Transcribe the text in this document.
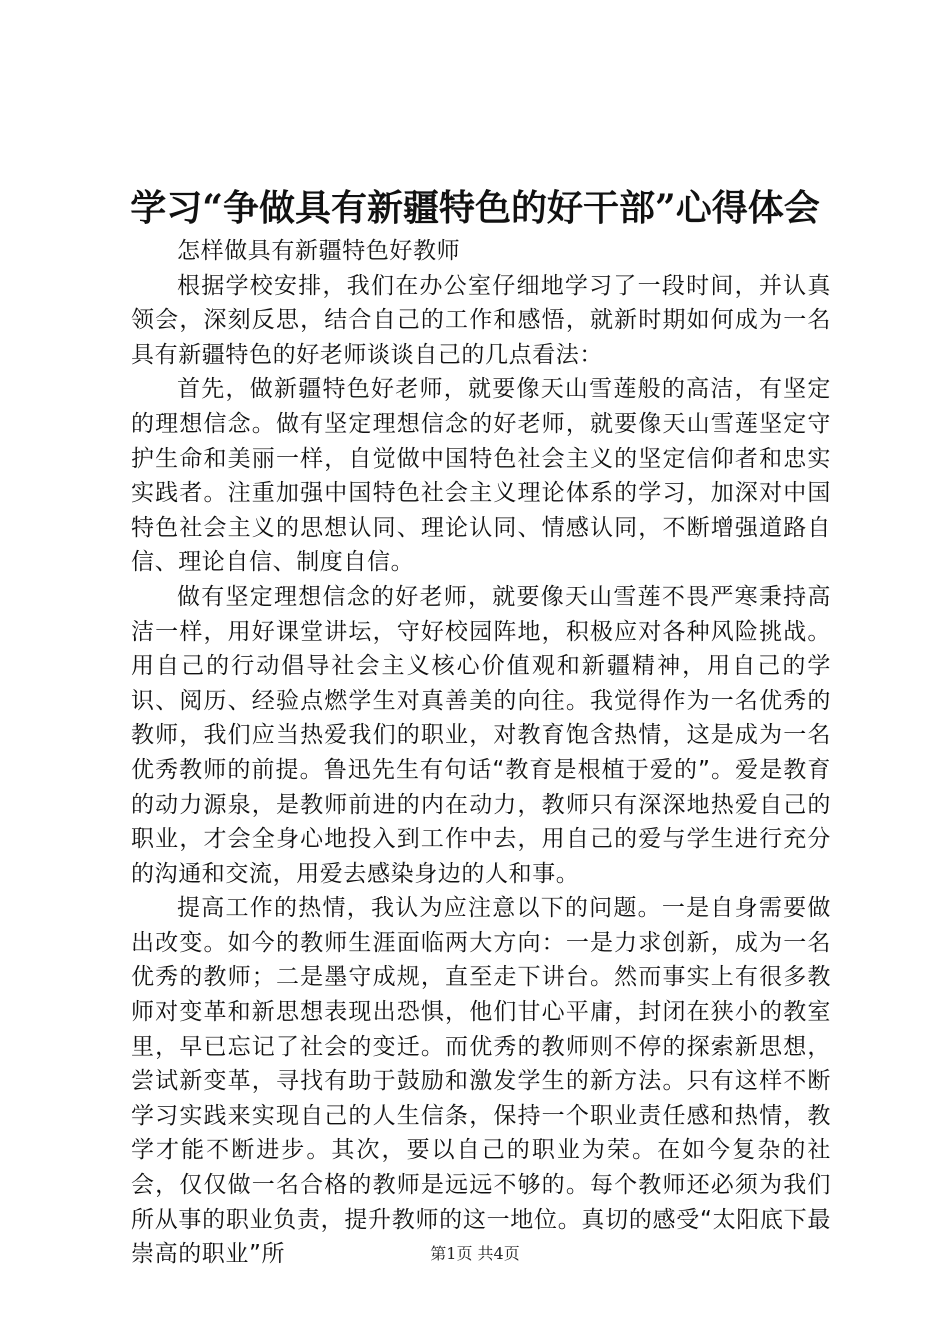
学习“争做具有新疆特色的好干部”心得体会

怎样做具有新疆特色好教师

根据学校安排，我们在办公室仔细地学习了一段时间，并认真领会，深刻反思，结合自己的工作和感悟，就新时期如何成为一名具有新疆特色的好老师谈谈自己的几点看法：

首先，做新疆特色好老师，就要像天山雪莲般的高洁，有坚定的理想信念。做有坚定理想信念的好老师，就要像天山雪莲坚定守护生命和美丽一样，自觉做中国特色社会主义的坚定信仰者和忠实实践者。注重加强中国特色社会主义理论体系的学习，加深对中国特色社会主义的思想认同、理论认同、情感认同，不断增强道路自信、理论自信、制度自信。

做有坚定理想信念的好老师，就要像天山雪莲不畏严寒秉持高洁一样，用好课堂讲坛，守好校园阵地，积极应对各种风险挑战。用自己的行动倡导社会主义核心价值观和新疆精神，用自己的学识、阅历、经验点燃学生对真善美的向往。我觉得作为一名优秀的教师，我们应当热爱我们的职业，对教育饱含热情，这是成为一名优秀教师的前提。鲁迅先生有句话“教育是根植于爱的”。爱是教育的动力源泉，是教师前进的内在动力，教师只有深深地热爱自己的职业，才会全身心地投入到工作中去，用自己的爱与学生进行充分的沟通和交流，用爱去感染身边的人和事。

提高工作的热情，我认为应注意以下的问题。一是自身需要做出改变。如今的教师生涯面临两大方向：一是力求创新，成为一名优秀的教师；二是墨守成规，直至走下讲台。然而事实上有很多教师对变革和新思想表现出恐惧，他们甘心平庸，封闭在狭小的教室里，早已忘记了社会的变迁。而优秀的教师则不停的探索新思想，尝试新变革，寻找有助于鼓励和激发学生的新方法。只有这样不断学习实践来实现自己的人生信条，保持一个职业责任感和热情，教学才能不断进步。其次，要以自己的职业为荣。在如今复杂的社会，仅仅做一名合格的教师是远远不够的。每个教师还必须为我们所从事的职业负责，提升教师的这一地位。真切的感受“太阳底下最崇高的职业”所	第1页 共4页
